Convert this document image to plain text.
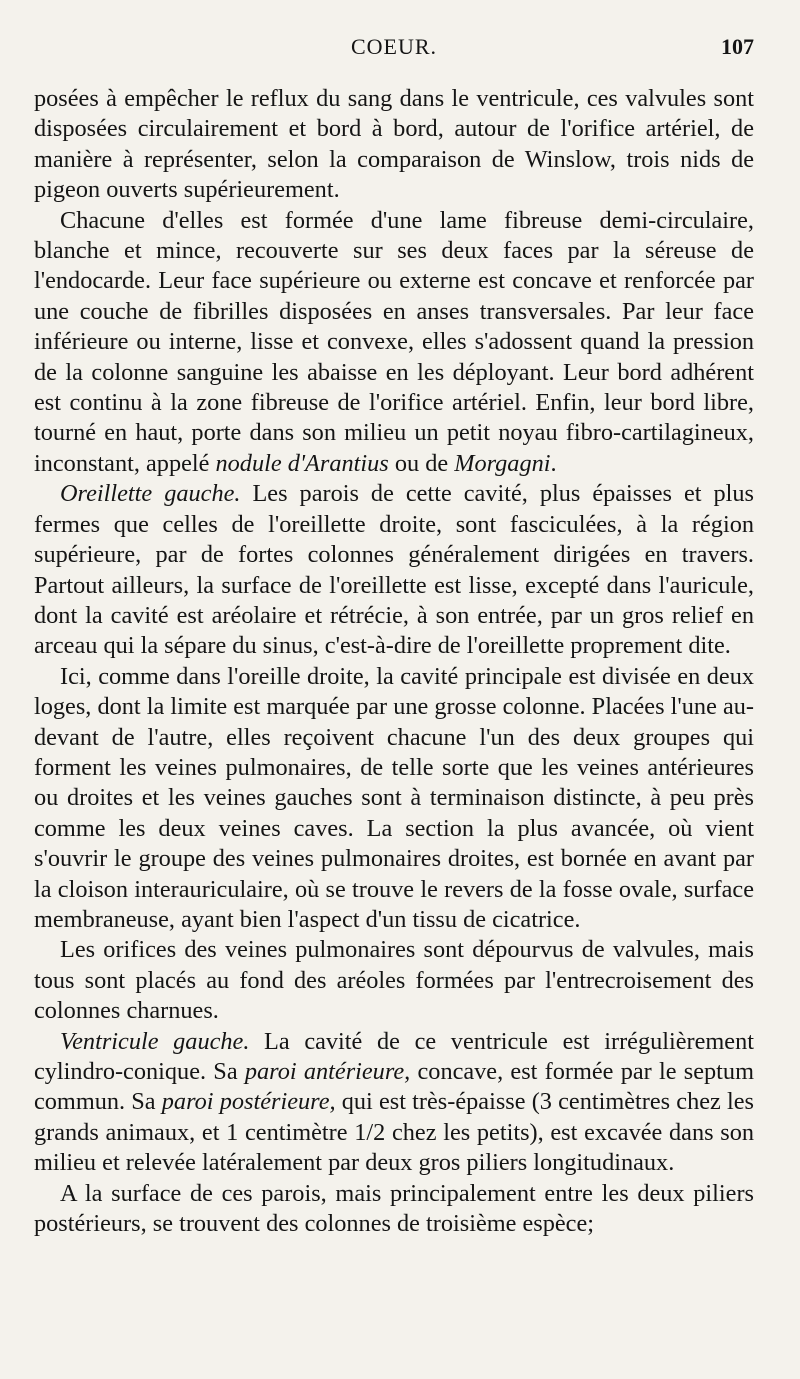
COEUR.	107

posées à empêcher le reflux du sang dans le ventricule, ces valvules sont disposées circulairement et bord à bord, autour de l'orifice artériel, de manière à représenter, selon la comparaison de Winslow, trois nids de pigeon ouverts supérieurement.

Chacune d'elles est formée d'une lame fibreuse demi-circulaire, blanche et mince, recouverte sur ses deux faces par la séreuse de l'endocarde. Leur face supérieure ou externe est concave et renforcée par une couche de fibrilles disposées en anses transversales. Par leur face inférieure ou interne, lisse et convexe, elles s'adossent quand la pression de la colonne sanguine les abaisse en les déployant. Leur bord adhérent est continu à la zone fibreuse de l'orifice artériel. Enfin, leur bord libre, tourné en haut, porte dans son milieu un petit noyau fibro-cartilagineux, inconstant, appelé nodule d'Arantius ou de Morgagni.

Oreillette gauche. Les parois de cette cavité, plus épaisses et plus fermes que celles de l'oreillette droite, sont fasciculées, à la région supérieure, par de fortes colonnes généralement dirigées en travers. Partout ailleurs, la surface de l'oreillette est lisse, excepté dans l'auricule, dont la cavité est aréolaire et rétrécie, à son entrée, par un gros relief en arceau qui la sépare du sinus, c'est-à-dire de l'oreillette proprement dite.

Ici, comme dans l'oreille droite, la cavité principale est divisée en deux loges, dont la limite est marquée par une grosse colonne. Placées l'une au-devant de l'autre, elles reçoivent chacune l'un des deux groupes qui forment les veines pulmonaires, de telle sorte que les veines antérieures ou droites et les veines gauches sont à terminaison distincte, à peu près comme les deux veines caves. La section la plus avancée, où vient s'ouvrir le groupe des veines pulmonaires droites, est bornée en avant par la cloison interauriculaire, où se trouve le revers de la fosse ovale, surface membraneuse, ayant bien l'aspect d'un tissu de cicatrice.

Les orifices des veines pulmonaires sont dépourvus de valvules, mais tous sont placés au fond des aréoles formées par l'entrecroisement des colonnes charnues.

Ventricule gauche. La cavité de ce ventricule est irrégulièrement cylindro-conique. Sa paroi antérieure, concave, est formée par le septum commun. Sa paroi postérieure, qui est très-épaisse (3 centimètres chez les grands animaux, et 1 centimètre 1/2 chez les petits), est excavée dans son milieu et relevée latéralement par deux gros piliers longitudinaux.

A la surface de ces parois, mais principalement entre les deux piliers postérieurs, se trouvent des colonnes de troisième espèce;
